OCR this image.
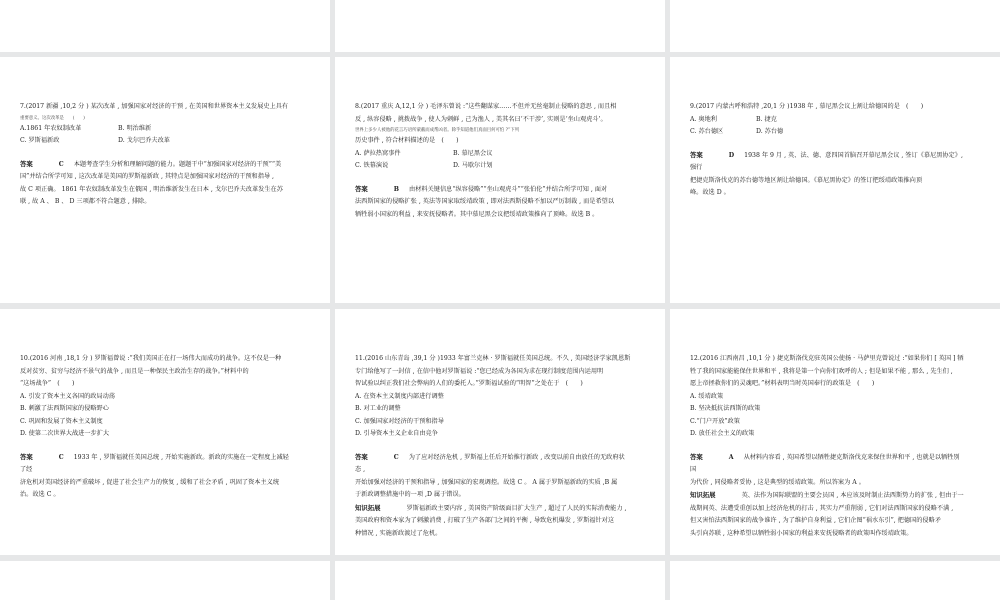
7.(2017 新疆 ,10,2 分 ) 某次改革 , 加强国家对经济的干预 , 在美国和世界资本主义发展史上具有
重要意义。这次改革是　　(　　)
A.1861 年农奴制改革	B. 明治维新
C. 罗斯福新政	D. 戈尔巴乔夫改革
答案	C 本题考查学生分析和理解问题的能力。题题干中“加强国家对经济的干预”“美
国”并结合所学可知 , 这次改革是美国的罗斯福新政 , 其特点是加强国家对经济的干预和指导 ,
故 C 项正确。 1861 年农奴制改革发生在俄国 , 明治维新发生在日本 , 戈尔巴乔夫改革发生在苏
联 , 故 A 、 B 、 D 三项都不符合题意 , 排除。
8.(2017 重庆 A,12,1 分 ) 毛泽东曾说 :“这些翻谋家……不但并无丝毫制止侵略的意思 , 而且相
反 , 纵容侵略 , 挑拨战争 , 使人为刺鲜 , 己为渔人 , 美其名曰‘不干涉’, 实则是‘坐山观虎斗’。
世界上多少人被他的花言巧语所蒙蔽而成帮凶者。除乎知道他们真面目何可怕 ?”下列
历史事件 , 符合材料描述的是　(　　)
A. 萨拉热窝事件	B. 慕尼黑会议
C. 铁幕演说	D. 马歇尔计划
答案	B 由材料关键信息“纵容侵略”“坐山观虎斗”“张伯伦”并结合所学可知 , 面对
法西斯国家的侵略扩张 , 英法等国家取绥靖政策 , 即对法西斯侵略不加以严厉制裁 , 而是希望以
牺牲弱小国家的利益 , 来安抚侵略者。其中慕尼黑会议把绥靖政策推向了顶峰。故选 B 。
9.(2017 内蒙古呼和浩特 ,20,1 分 )1938 年 , 慕尼黑会议上割让给德国的是　(　　)
A. 奥地利	B. 捷克
C. 苏台德区	D. 苏台德
答案	D 1938 年 9 月 , 英、法、德、意四国首脑召开慕尼黑会议 , 签订《慕尼黑协定》,
强行
把捷克斯洛伐克的苏台德等地区割让给德国。《慕尼黑协定》的签订把绥靖政策推向顶
峰。故选 D 。
10.(2016 河南 ,18,1 分 ) 罗斯福曾说 :“我们美国正在打一场伟大而成功的战争。这不仅是一种
反对贫穷、贫穷与经济不景气的战争 , 而且是一种保民主政治生存的战争。”材料中的
“这场战争”　(　　)
A. 引发了资本主义各国的政局动荡
B. 刺激了法西斯国家的侵略野心
C. 巩固和发展了资本主义制度
D. 使第二次世界大战进一步扩大
答案	C 1933 年 , 罗斯福就任美国总统 , 开始实施新政。新政的实施在一定程度上减轻
了经
济危机对美国经济的严重破坏 , 促进了社会生产力的恢复 , 缓和了社会矛盾 , 巩固了资本主义统
治。故选 C 。
11.(2016 山东青岛 ,39,1 分 )1933 年富兰克林 · 罗斯福就任美国总统。不久 , 美国经济学家凯恩斯
专门给他写了一封信 , 在信中他对罗斯福说 :“您已经成为各国为求在现行制度范围内运用明
智试验以纠正我们社会弊病的人们的委托人。”罗斯福试验的“明智”之处在于　(　　)
A. 在资本主义制度内部进行调整
B. 对工业的调整
C. 加强国家对经济的干预和指导
D. 引导资本主义企业自由竞争
答案	C 为了应对经济危机 , 罗斯福上任后开始推行新政 , 改变以前自由放任的无政府状
态 ,
开始加强对经济的干预和指导 , 加强国家的宏观调控。故选 C 。 A 属于罗斯福新政的实质 ,B 属
于新政调整措施中的一项 ,D 属于错误。
知识拓展	罗斯福新政主要内容 , 美国资产阶级面目扩大生产 , 超过了人民的实际消费能力 ,
美国政府和资本家为了刺激消费 , 打破了生产各部门之间的平衡 , 导致危机爆发 , 罗斯福针对这
种情况 , 实施新政渡过了危机。
12.(2016 江西南昌 ,10,1 分 ) 捷克斯洛伐克驻英国公使扬 · 马萨里克曾说过 :“如果你们 [ 英国 ] 牺
牲了我的国家能能保住世界和平 , 我将是第一个向你们欢呼的人 ; 但是如果不能 , 那么 , 先生们 ,
愿上帝拯救你们的灵魂吧。”材料表明当时英国奉行的政策是　(　　)
A. 绥靖政策
B. 坚决抵抗法西斯的政策
C.“门户开放”政策
D. 放任社会主义的政策
答案	A 从材料内容看 , 英国希望以牺牲捷克斯洛伐克来保住世界和平 , 也就是以牺牲别
国
为代价 , 同侵略者妥协 , 这是典型的绥靖政策。所以答案为 A 。
知识拓展	英、法作为国际联盟的主要会员国 , 本应该及时制止法西斯势力的扩张 , 但由于一
战期间英、法遭受重创以加上经济危机的打击 , 其实力严重削弱 , 它们对法西斯国家的侵略不满 ,
但又害怕法西斯国家的战争谁许 , 为了维护自身利益 , 它们企图“祸水东引”, 把德国的侵略矛
头引向苏联 , 这种希望以牺牲弱小国家的利益来安抚侵略者的政策叫作绥靖政策。
